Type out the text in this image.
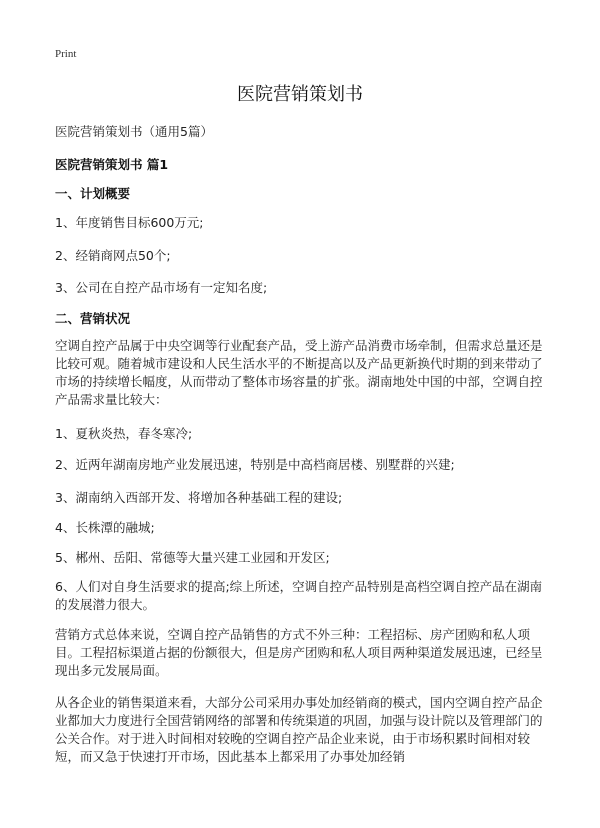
Print
医院营销策划书
医院营销策划书（通用5篇）
医院营销策划书 篇1
一、计划概要
1、年度销售目标600万元;
2、经销商网点50个;
3、公司在自控产品市场有一定知名度;
二、营销状况
空调自控产品属于中央空调等行业配套产品，受上游产品消费市场牵制，但需求总量还是比较可观。随着城市建设和人民生活水平的不断提高以及产品更新换代时期的到来带动了市场的持续增长幅度，从而带动了整体市场容量的扩张。湖南地处中国的中部，空调自控产品需求量比较大：
1、夏秋炎热，春冬寒冷;
2、近两年湖南房地产业发展迅速，特别是中高档商居楼、别墅群的兴建;
3、湖南纳入西部开发、将增加各种基础工程的建设;
4、长株潭的融城;
5、郴州、岳阳、常德等大量兴建工业园和开发区;
6、人们对自身生活要求的提高;综上所述，空调自控产品特别是高档空调自控产品在湖南的发展潜力很大。
营销方式总体来说，空调自控产品销售的方式不外三种：工程招标、房产团购和私人项目。工程招标渠道占据的份额很大，但是房产团购和私人项目两种渠道发展迅速，已经呈现出多元发展局面。
从各企业的销售渠道来看，大部分公司采用办事处加经销商的模式，国内空调自控产品企业都加大力度进行全国营销网络的部署和传统渠道的巩固，加强与设计院以及管理部门的公关合作。对于进入时间相对较晚的空调自控产品企业来说，由于市场积累时间相对较短，而又急于快速打开市场，因此基本上都采用了办事处加经销
